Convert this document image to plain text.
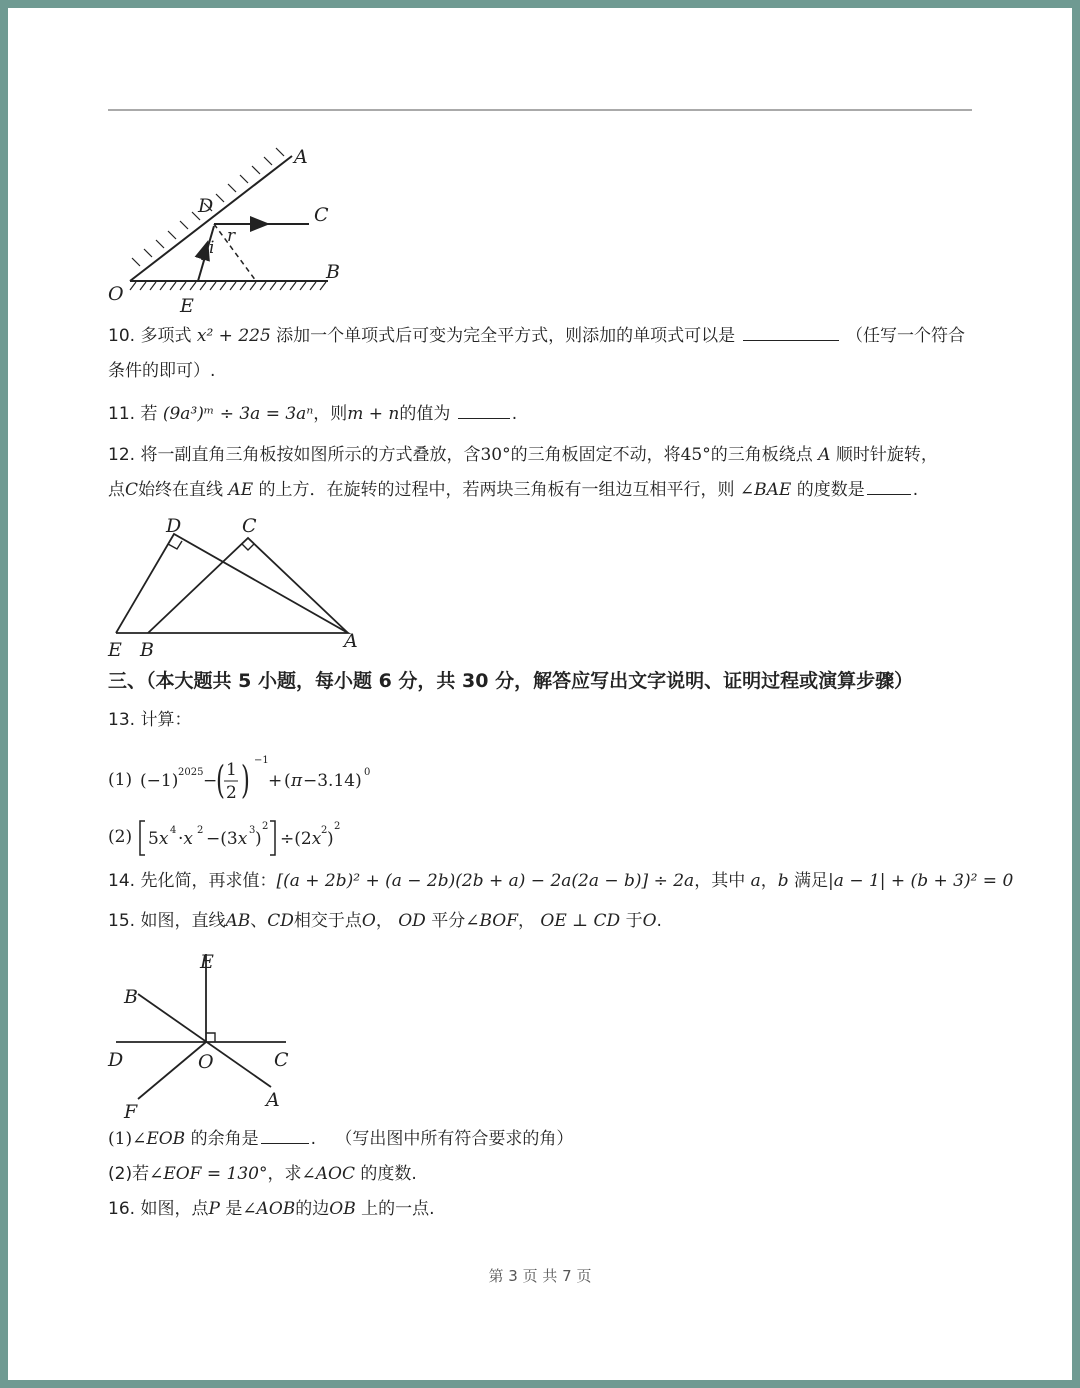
A
D	C
i
r
O
B
E
10. 多项式 x² + 225 添加一个单项式后可变为完全平方式，则添加的单项式可以是	（任写一个符合
条件的即可）.
11. 若 (9a³)ᵐ ÷ 3a = 3aⁿ，则m + n的值为	.
12. 将一副直角三角板按如图所示的方式叠放，含30°的三角板固定不动，将45°的三角板绕点 A 顺时针旋转，
点C始终在直线 AE 的上方．在旋转的过程中，若两块三角板有一组边互相平行，则 ∠BAE 的度数是	.
D	C
E B	A
三、（本大题共 5 小题，每小题 6 分，共 30 分，解答应写出文字说明、证明过程或演算步骤）
13. 计算：
(1) (−1) 2025 −
( 1
2 ) −1
+ ( π −3.14) 0
(2) 5x 4 ·x 2 −(3x 3 )
2
÷(2x 2 )
2
14. 先化简，再求值：[(a + 2b)² + (a − 2b)(2b + a) − 2a(2a − b)] ÷ 2a，其中 a，b 满足|a − 1| + (b + 3)² = 0
15. 如图，直线AB、CD相交于点O， OD 平分∠BOF， OE ⊥ CD 于O.
E
B
D	O	C
A
F
(1)∠EOB 的余角是	. （写出图中所有符合要求的角）
(2)若∠EOF = 130°，求∠AOC 的度数.
16. 如图，点P 是∠AOB的边OB 上的一点.
第 3 页 共 7 页
